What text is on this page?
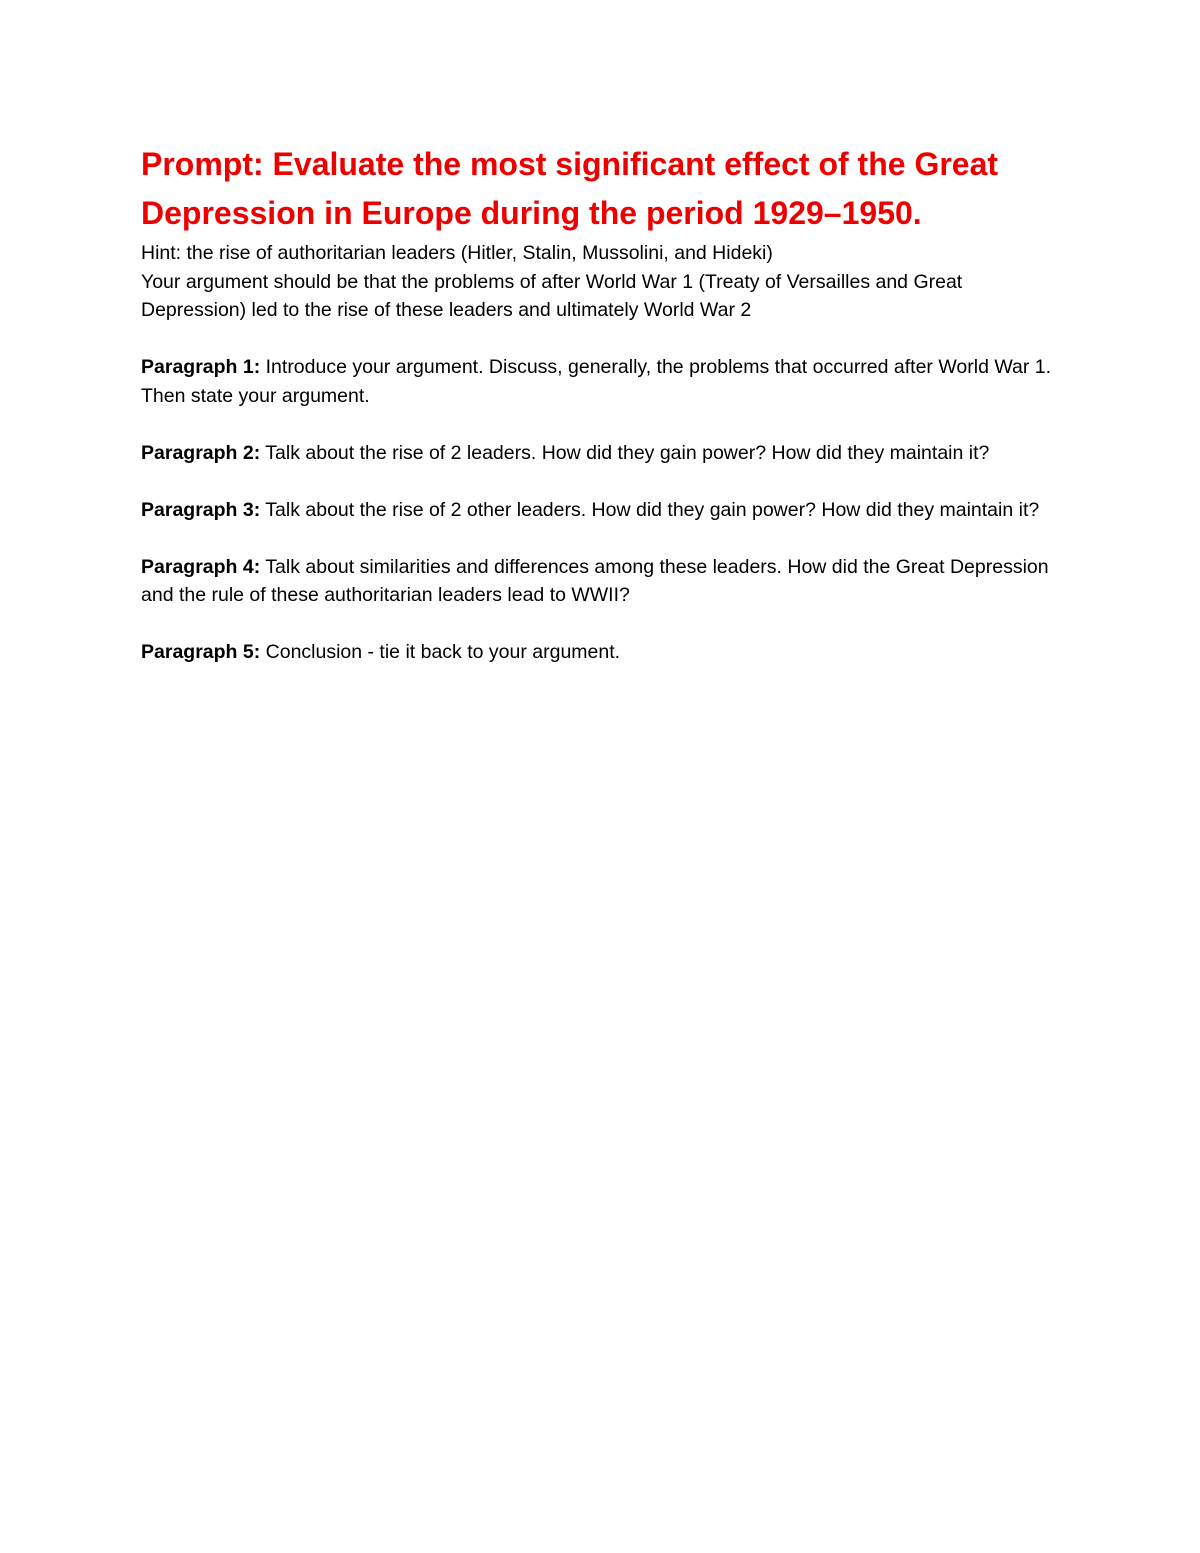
Prompt: Evaluate the most significant effect of the Great Depression in Europe during the period 1929–1950.

Hint: the rise of authoritarian leaders (Hitler, Stalin, Mussolini, and Hideki)
Your argument should be that the problems of after World War 1 (Treaty of Versailles and Great Depression) led to the rise of these leaders and ultimately World War 2

Paragraph 1: Introduce your argument. Discuss, generally, the problems that occurred after World War 1. Then state your argument.

Paragraph 2: Talk about the rise of 2 leaders. How did they gain power? How did they maintain it?

Paragraph 3: Talk about the rise of 2 other leaders. How did they gain power? How did they maintain it?

Paragraph 4: Talk about similarities and differences among these leaders. How did the Great Depression and the rule of these authoritarian leaders lead to WWII?

Paragraph 5: Conclusion - tie it back to your argument.
